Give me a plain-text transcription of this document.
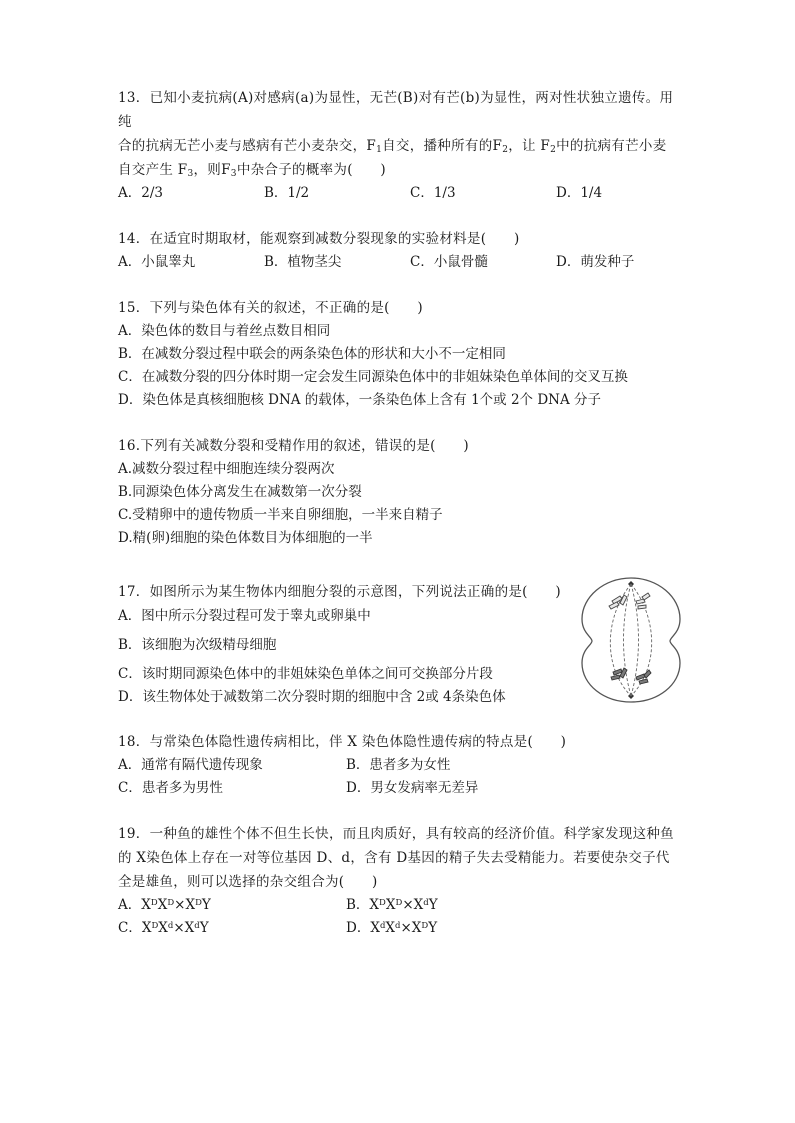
13．已知小麦抗病(A)对感病(a)为显性，无芒(B)对有芒(b)为显性，两对性状独立遗传。用纯
合的抗病无芒小麦与感病有芒小麦杂交，$F_1$自交，播种所有的$F_2$，让 $F_2$中的抗病有芒小麦
自交产生 $F_3$，则$F_3$中杂合子的概率为(　　)
A．2/3	B．1/2	C．1/3	D．1/4
14．在适宜时期取材，能观察到减数分裂现象的实验材料是(　　)
A．小鼠睾丸	B．植物茎尖	C．小鼠骨髓	D．萌发种子
15．下列与染色体有关的叙述，不正确的是(　　)
A．染色体的数目与着丝点数目相同
B．在减数分裂过程中联会的两条染色体的形状和大小不一定相同
C．在减数分裂的四分体时期一定会发生同源染色体中的非姐妹染色单体间的交叉互换
D．染色体是真核细胞核 DNA 的载体，一条染色体上含有 1个或 2个 DNA 分子
16.下列有关减数分裂和受精作用的叙述，错误的是(　　)
A.减数分裂过程中细胞连续分裂两次
B.同源染色体分离发生在减数第一次分裂
C.受精卵中的遗传物质一半来自卵细胞，一半来自精子
D.精(卵)细胞的染色体数目为体细胞的一半
17．如图所示为某生物体内细胞分裂的示意图，下列说法正确的是(　　)
A．图中所示分裂过程可发于睾丸或卵巢中
B．该细胞为次级精母细胞
C．该时期同源染色体中的非姐妹染色单体之间可交换部分片段
D．该生物体处于减数第二次分裂时期的细胞中含 2或 4条染色体
18．与常染色体隐性遗传病相比，伴 X 染色体隐性遗传病的特点是(　　)
A．通常有隔代遗传现象	B．患者多为女性
C．患者多为男性	D．男女发病率无差异
19．一种鱼的雄性个体不但生长快，而且肉质好，具有较高的经济价值。科学家发现这种鱼
的 X染色体上存在一对等位基因 D、d，含有 D基因的精子失去受精能力。若要使杂交子代
全是雄鱼，则可以选择的杂交组合为(　　)
A．$X^DX^D\times X^DY$	B．$X^DX^D\times X^dY$
C．$X^DX^d\times X^dY$	D．$X^dX^d\times X^DY$
